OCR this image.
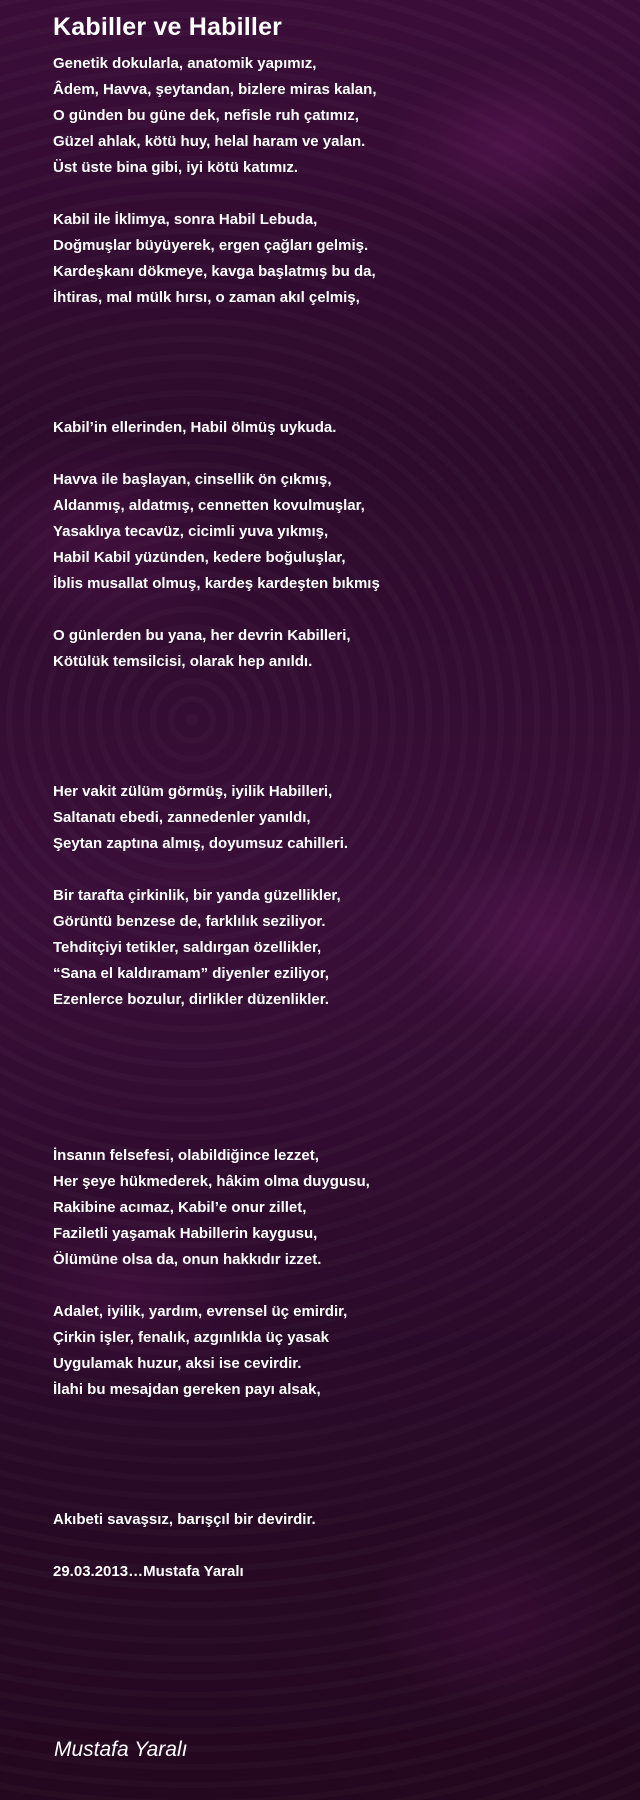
Kabiller ve Habiller
Genetik dokularla, anatomik yapımız,
Âdem, Havva, şeytandan, bizlere miras kalan,
O günden bu güne dek, nefisle ruh çatımız,
Güzel ahlak, kötü huy, helal haram ve yalan.
Üst üste bina gibi, iyi kötü katımız.
Kabil ile İklimya, sonra Habil Lebuda,
Doğmuşlar büyüyerek, ergen çağları gelmiş.
Kardeşkanı dökmeye, kavga başlatmış bu da,
İhtiras, mal mülk hırsı, o zaman akıl çelmiş,
Kabil’in ellerinden, Habil ölmüş uykuda.
Havva ile başlayan, cinsellik ön çıkmış,
Aldanmış, aldatmış, cennetten kovulmuşlar,
Yasaklıya tecavüz, cicimli yuva yıkmış,
Habil Kabil yüzünden, kedere boğuluşlar,
İblis musallat olmuş, kardeş kardeşten bıkmış
O günlerden bu yana, her devrin Kabilleri,
Kötülük temsilcisi, olarak hep anıldı.
Her vakit zülüm görmüş, iyilik Habilleri,
Saltanatı ebedi, zannedenler yanıldı,
Şeytan zaptına almış, doyumsuz cahilleri.
Bir tarafta çirkinlik, bir yanda güzellikler,
Görüntü benzese de, farklılık seziliyor.
Tehditçiyi tetikler, saldırgan özellikler,
“Sana el kaldıramam” diyenler eziliyor,
Ezenlerce bozulur, dirlikler düzenlikler.
İnsanın felsefesi, olabildiğince lezzet,
Her şeye hükmederek, hâkim olma duygusu,
Rakibine acımaz, Kabil’e onur zillet,
Faziletli yaşamak Habillerin kaygusu,
Ölümüne olsa da, onun hakkıdır izzet.
Adalet, iyilik, yardım, evrensel üç emirdir,
Çirkin işler, fenalık, azgınlıkla üç yasak
Uygulamak huzur, aksi ise cevirdir.
İlahi bu mesajdan gereken payı alsak,
Akıbeti savaşsız, barışçıl bir devirdir.
29.03.2013…Mustafa Yaralı
Mustafa Yaralı
